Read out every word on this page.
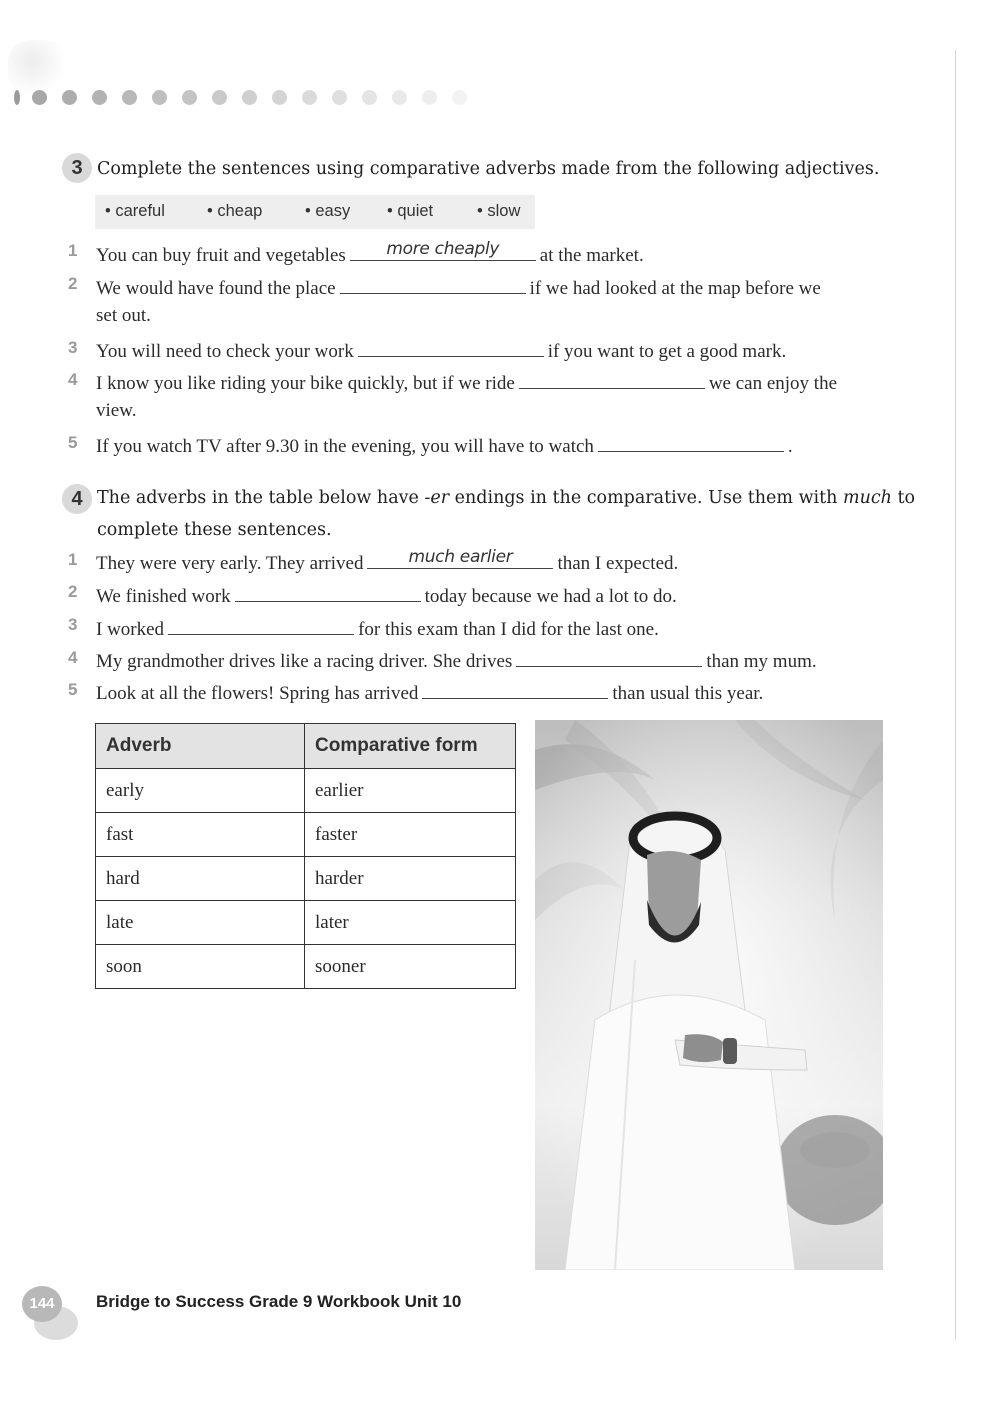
3 Complete the sentences using comparative adverbs made from the following adjectives.
• careful	• cheap	• easy • quiet	• slow
1 You can buy fruit and vegetables	more cheaply	at the market.
2 We would have found the place	if we had looked at the map before we
set out.
3 You will need to check your work	if you want to get a good mark.
4 I know you like riding your bike quickly, but if we ride	we can enjoy the
view.
5 If you watch TV after 9.30 in the evening, you will have to watch	.
4 The adverbs in the table below have -er endings in the comparative. Use them with much to
complete these sentences.
1 They were very early. They arrived	much earlier	than I expected.
2 We finished work	today because we had a lot to do.
3 I worked	for this exam than I did for the last one.
4 My grandmother drives like a racing driver. She drives	than my mum.
5 Look at all the flowers! Spring has arrived	than usual this year.
Adverb	Comparative form
early	earlier
fast	faster
hard	harder
late	later
soon	sooner
144	Bridge to Success Grade 9 Workbook Unit 10
